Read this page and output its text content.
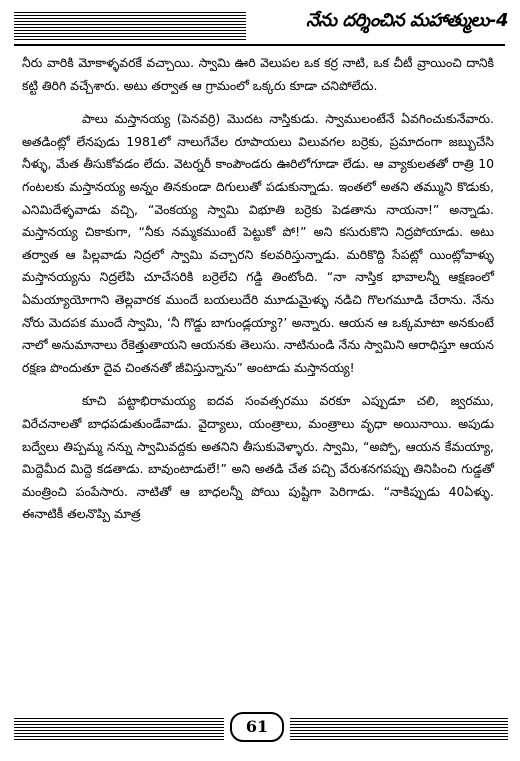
నేను దర్శించిన మహాత్ములు-4

నీరు వారికి మోకాళ్ళవరకే వచ్చాయి. స్వామి ఊరి వెలుపల ఒక కర్ర నాటి, ఒక చీటీ వ్రాయించి దానికి కట్టి తిరిగి వచ్చేశారు. అటు తర్వాత ఆ గ్రామంలో ఒక్కరు కూడా చనిపోలేదు.

పాలు మస్తానయ్య (పెనవర్రి) మొదట నాస్తికుడు. స్వాములంటేనే ఏవగించుకునేవారు. అతడింట్లో లేనపుడు 1981లో నాలుగేవేల రూపాయలు విలువగల బర్రెకు, ప్రమాదంగా జబ్బుచేసి నీళ్ళు, మేత తీసుకోవడం లేదు. వెటర్నరీ కాంపౌండరు ఊరిలోగూడా లేడు. ఆ వ్యాకులతతో రాత్రి 10 గంటలకు మస్తానయ్య అన్నం తినకుండా దిగులుతో పడుకున్నాడు. ఇంతలో అతని తమ్ముని కొడుకు, ఎనిమిదేళ్ళవాడు వచ్చి, “వెంకయ్య స్వామి విభూతి బర్రెకు పెడతాను నాయనా!” అన్నాడు. మస్తానయ్య చికాకుగా, “నీకు నమ్మకముంటే పెట్టుకో పో!” అని కసురుకొని నిద్రపోయాడు. అటు తర్వాత ఆ పిల్లవాడు నిద్రలో స్వామి వచ్చారని కలవరిస్తున్నాడు. మరికొద్ది సేపట్లో యింట్లోవాళ్ళు మస్తానయ్యను నిద్రలేపి చూచేసరికి బర్రెలేచి గడ్డి తింటోంది. “నా నాస్తిక భావాలన్నీ ఆక్షణంలో ఏమయ్యాయోగాని తెల్లవారక ముందే బయలుదేరి మూడుమైళ్ళు నడిచి గొలగమూడి చేరాను. నేను నోరు మెదపక ముందే స్వామి, ‘నీ గొడ్డు బాగుండ్లయ్యా?’ అన్నారు. ఆయన ఆ ఒక్కమాటా అనకుంటే నాలో అనుమానాలు రేకెత్తుతాయని ఆయనకు తెలుసు. నాటినుండి నేను స్వామిని ఆరాధిస్తూ ఆయన రక్షణ పొందుతూ దైవ చింతనతో జీవిస్తున్నాను” అంటాడు మస్తానయ్య!

కూచి పట్టాభిరామయ్య ఐదవ సంవత్సరము వరకూ ఎప్పుడూ చలి, జ్వరము, విరేచనాలతో బాధపడుతుండేవాడు. వైద్యాలు, యంత్రాలు, మంత్రాలు వృధా అయినాయి. అపుడు బద్వేలు తిప్పమ్మ నన్ను స్వామివద్దకు అతనిని తీసుకువెళ్ళారు. స్వామి, “అప్పో, ఆయన కేమయ్యా, మిద్దెమీద మిద్దె కడతాడు. బావుంటాడులే!” అని అతడి చేత పచ్చి వేరుశనగపప్పు తినిపించి గుడ్డతో మంత్రించి పంపేసారు. నాటితో ఆ బాధలన్నీ పోయి పుష్టిగా పెరిగాడు. “నాకిప్పుడు 40ఏళ్ళు. ఈనాటికీ తలనొప్పి మాత్ర

61
